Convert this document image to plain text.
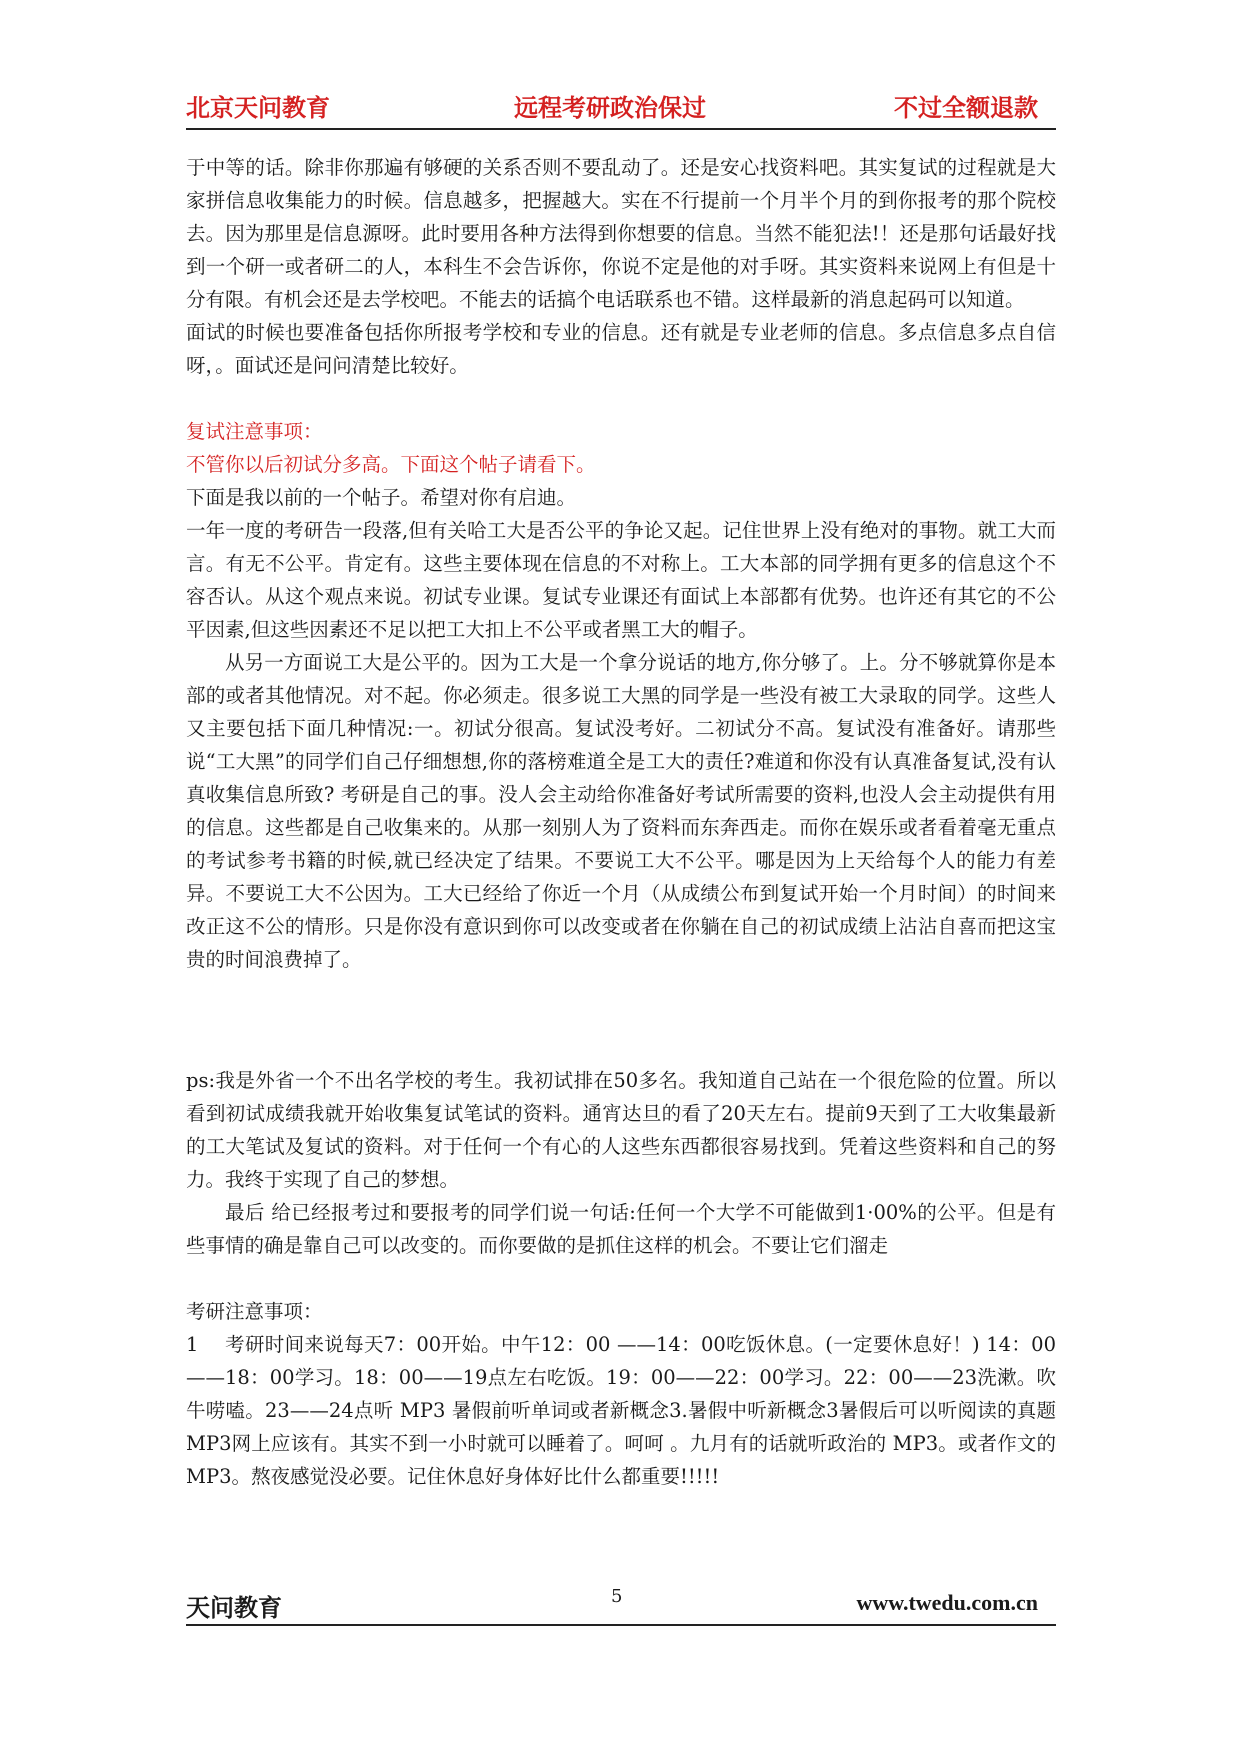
北京天问教育	远程考研政治保过	不过全额退款

于中等的话。除非你那遍有够硬的关系否则不要乱动了。还是安心找资料吧。其实复试的过程就是大家拼信息收集能力的时候。信息越多，把握越大。实在不行提前一个月半个月的到你报考的那个院校去。因为那里是信息源呀。此时要用各种方法得到你想要的信息。当然不能犯法!！还是那句话最好找到一个研一或者研二的人，本科生不会告诉你，你说不定是他的对手呀。其实资料来说网上有但是十分有限。有机会还是去学校吧。不能去的话搞个电话联系也不错。这样最新的消息起码可以知道。

面试的时候也要准备包括你所报考学校和专业的信息。还有就是专业老师的信息。多点信息多点自信呀，。面试还是问问清楚比较好。

复试注意事项：

不管你以后初试分多高。下面这个帖子请看下。

下面是我以前的一个帖子。希望对你有启迪。

一年一度的考研告一段落,但有关哈工大是否公平的争论又起。记住世界上没有绝对的事物。就工大而言。有无不公平。肯定有。这些主要体现在信息的不对称上。工大本部的同学拥有更多的信息这个不容否认。从这个观点来说。初试专业课。复试专业课还有面试上本部都有优势。也许还有其它的不公平因素,但这些因素还不足以把工大扣上不公平或者黑工大的帽子。

从另一方面说工大是公平的。因为工大是一个拿分说话的地方,你分够了。上。分不够就算你是本部的或者其他情况。对不起。你必须走。很多说工大黑的同学是一些没有被工大录取的同学。这些人又主要包括下面几种情况:一。初试分很高。复试没考好。二初试分不高。复试没有准备好。请那些说“工大黑”的同学们自己仔细想想,你的落榜难道全是工大的责任?难道和你没有认真准备复试,没有认真收集信息所致? 考研是自己的事。没人会主动给你准备好考试所需要的资料,也没人会主动提供有用的信息。这些都是自己收集来的。从那一刻别人为了资料而东奔西走。而你在娱乐或者看着毫无重点的考试参考书籍的时候,就已经决定了结果。不要说工大不公平。哪是因为上天给每个人的能力有差异。不要说工大不公因为。工大已经给了你近一个月（从成绩公布到复试开始一个月时间）的时间来改正这不公的情形。只是你没有意识到你可以改变或者在你躺在自己的初试成绩上沾沾自喜而把这宝贵的时间浪费掉了。

ps:我是外省一个不出名学校的考生。我初试排在50多名。我知道自己站在一个很危险的位置。所以看到初试成绩我就开始收集复试笔试的资料。通宵达旦的看了20天左右。提前9天到了工大收集最新的工大笔试及复试的资料。对于任何一个有心的人这些东西都很容易找到。凭着这些资料和自己的努力。我终于实现了自己的梦想。

最后 给已经报考过和要报考的同学们说一句话:任何一个大学不可能做到1·00%的公平。但是有些事情的确是靠自己可以改变的。而你要做的是抓住这样的机会。不要让它们溜走

考研注意事项：

1　 考研时间来说每天7：00开始。中午12：00 ——14：00吃饭休息。(一定要休息好！) 14：00——18：00学习。18：00——19点左右吃饭。19：00——22：00学习。22：00——23洗漱。吹牛唠嗑。23——24点听 MP3 暑假前听单词或者新概念3.暑假中听新概念3暑假后可以听阅读的真题 MP3网上应该有。其实不到一小时就可以睡着了。呵呵 。九月有的话就听政治的 MP3。或者作文的 MP3。熬夜感觉没必要。记住休息好身体好比什么都重要!!!!!

天问教育	5	www.twedu.com.cn
